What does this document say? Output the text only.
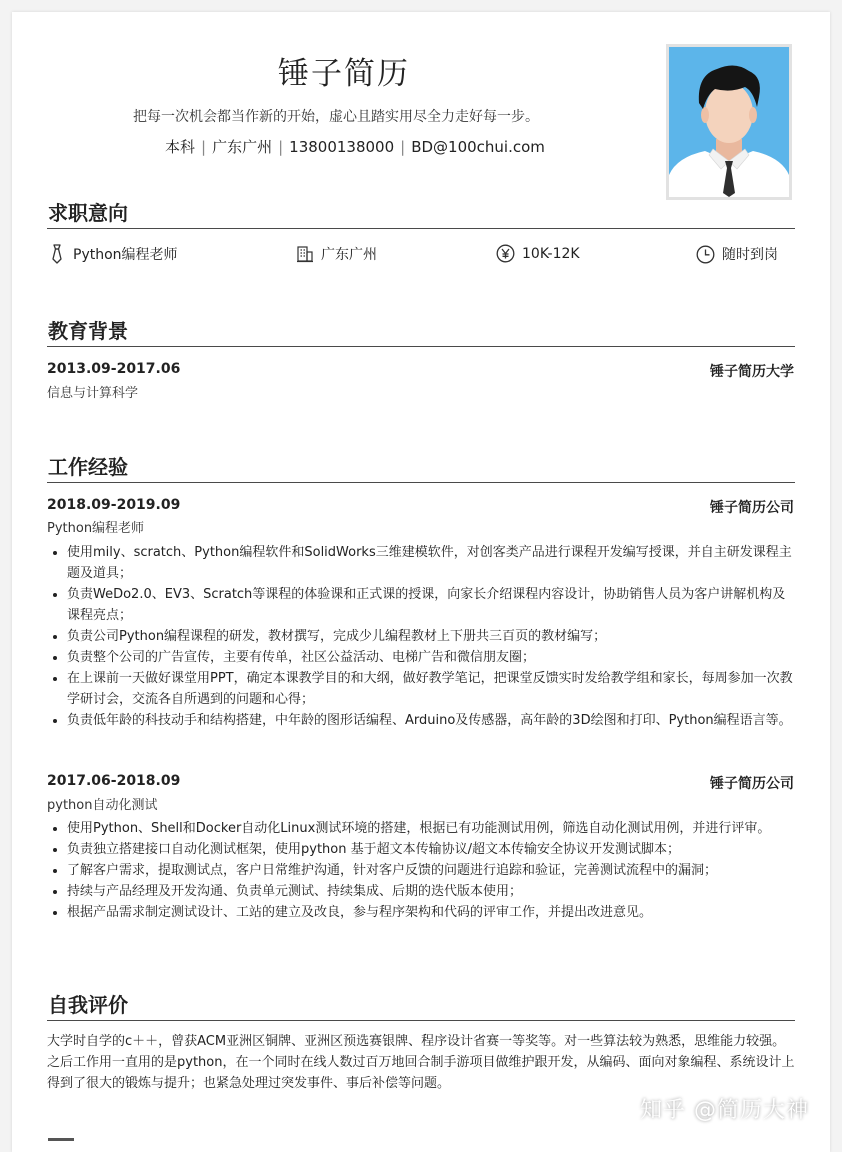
锤子简历
把每一次机会都当作新的开始，虚心且踏实用尽全力走好每一步。
本科 | 广东广州 | 13800138000 | BD@100chui.com
求职意向
Python编程老师	广东广州	10K-12K	随时到岗
教育背景
2013.09-2017.06	锤子简历大学
信息与计算科学
工作经验
2018.09-2019.09	锤子简历公司
Python编程老师
• 使用mily、scratch、Python编程软件和SolidWorks三维建模软件，对创客类产品进行课程开发编写授课，并自主研发课程主题及道具；
• 负责WeDo2.0、EV3、Scratch等课程的体验课和正式课的授课，向家长介绍课程内容设计，协助销售人员为客户讲解机构及课程亮点；
• 负责公司Python编程课程的研发，教材撰写，完成少儿编程教材上下册共三百页的教材编写；
• 负责整个公司的广告宣传，主要有传单，社区公益活动、电梯广告和微信朋友圈；
• 在上课前一天做好课堂用PPT，确定本课教学目的和大纲，做好教学笔记，把课堂反馈实时发给教学组和家长，每周参加一次教学研讨会，交流各自所遇到的问题和心得；
• 负责低年龄的科技动手和结构搭建，中年龄的图形话编程、Arduino及传感器，高年龄的3D绘图和打印、Python编程语言等。
2017.06-2018.09	锤子简历公司
python自动化测试
• 使用Python、Shell和Docker自动化Linux测试环境的搭建，根据已有功能测试用例，筛选自动化测试用例，并进行评审。
• 负责独立搭建接口自动化测试框架，使用python 基于超文本传输协议/超文本传输安全协议开发测试脚本；
• 了解客户需求，提取测试点，客户日常维护沟通，针对客户反馈的问题进行追踪和验证，完善测试流程中的漏洞；
• 持续与产品经理及开发沟通、负责单元测试、持续集成、后期的迭代版本使用；
• 根据产品需求制定测试设计、工站的建立及改良，参与程序架构和代码的评审工作，并提出改进意见。
自我评价
大学时自学的c＋＋，曾获ACM亚洲区铜牌、亚洲区预选赛银牌、程序设计省赛一等奖等。对一些算法较为熟悉，思维能力较强。 之后工作用一直用的是python，在一个同时在线人数过百万地回合制手游项目做维护跟开发，从编码、面向对象编程、系统设计上得到了很大的锻炼与提升；也紧急处理过突发事件、事后补偿等问题。
知乎 @简历大神
